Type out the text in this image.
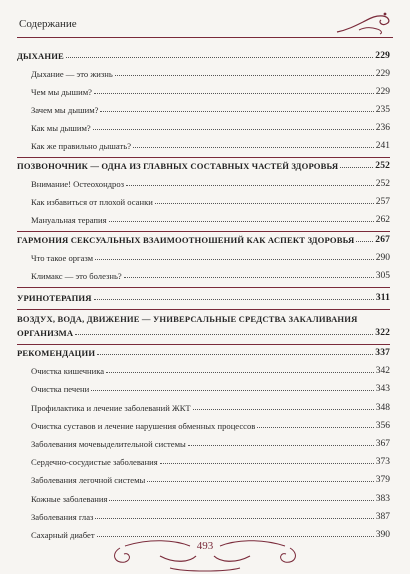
Содержание
ДЫХАНИЕ	229
Дыхание — это жизнь	229
Чем мы дышим?	229
Зачем мы дышим?	235
Как мы дышим?	236
Как же правильно дышать?	241
ПОЗВОНОЧНИК — ОДНА ИЗ ГЛАВНЫХ СОСТАВНЫХ ЧАСТЕЙ ЗДОРОВЬЯ	252
Внимание! Остеохондроз	252
Как избавиться от плохой осанки	257
Мануальная терапия	262
ГАРМОНИЯ СЕКСУАЛЬНЫХ ВЗАИМООТНОШЕНИЙ КАК АСПЕКТ ЗДОРОВЬЯ 267
Что такое оргазм	290
Климакс — это болезнь?	305
УРИНОТЕРАПИЯ	311
ВОЗДУХ, ВОДА, ДВИЖЕНИЕ — УНИВЕРСАЛЬНЫЕ СРЕДСТВА ЗАКАЛИВАНИЯ
ОРГАНИЗМА	322
РЕКОМЕНДАЦИИ	337
Очистка кишечника	342
Очистка печени	343
Профилактика и лечение заболеваний ЖКТ	348
Очистка суставов и лечение нарушения обменных процессов	356
Заболевания мочевыделительной системы	367
Сердечно-сосудистые заболевания	373
Заболевания легочной системы	379
Кожные заболевания	383
Заболевания глаз	387
Сахарный диабет	390
493
